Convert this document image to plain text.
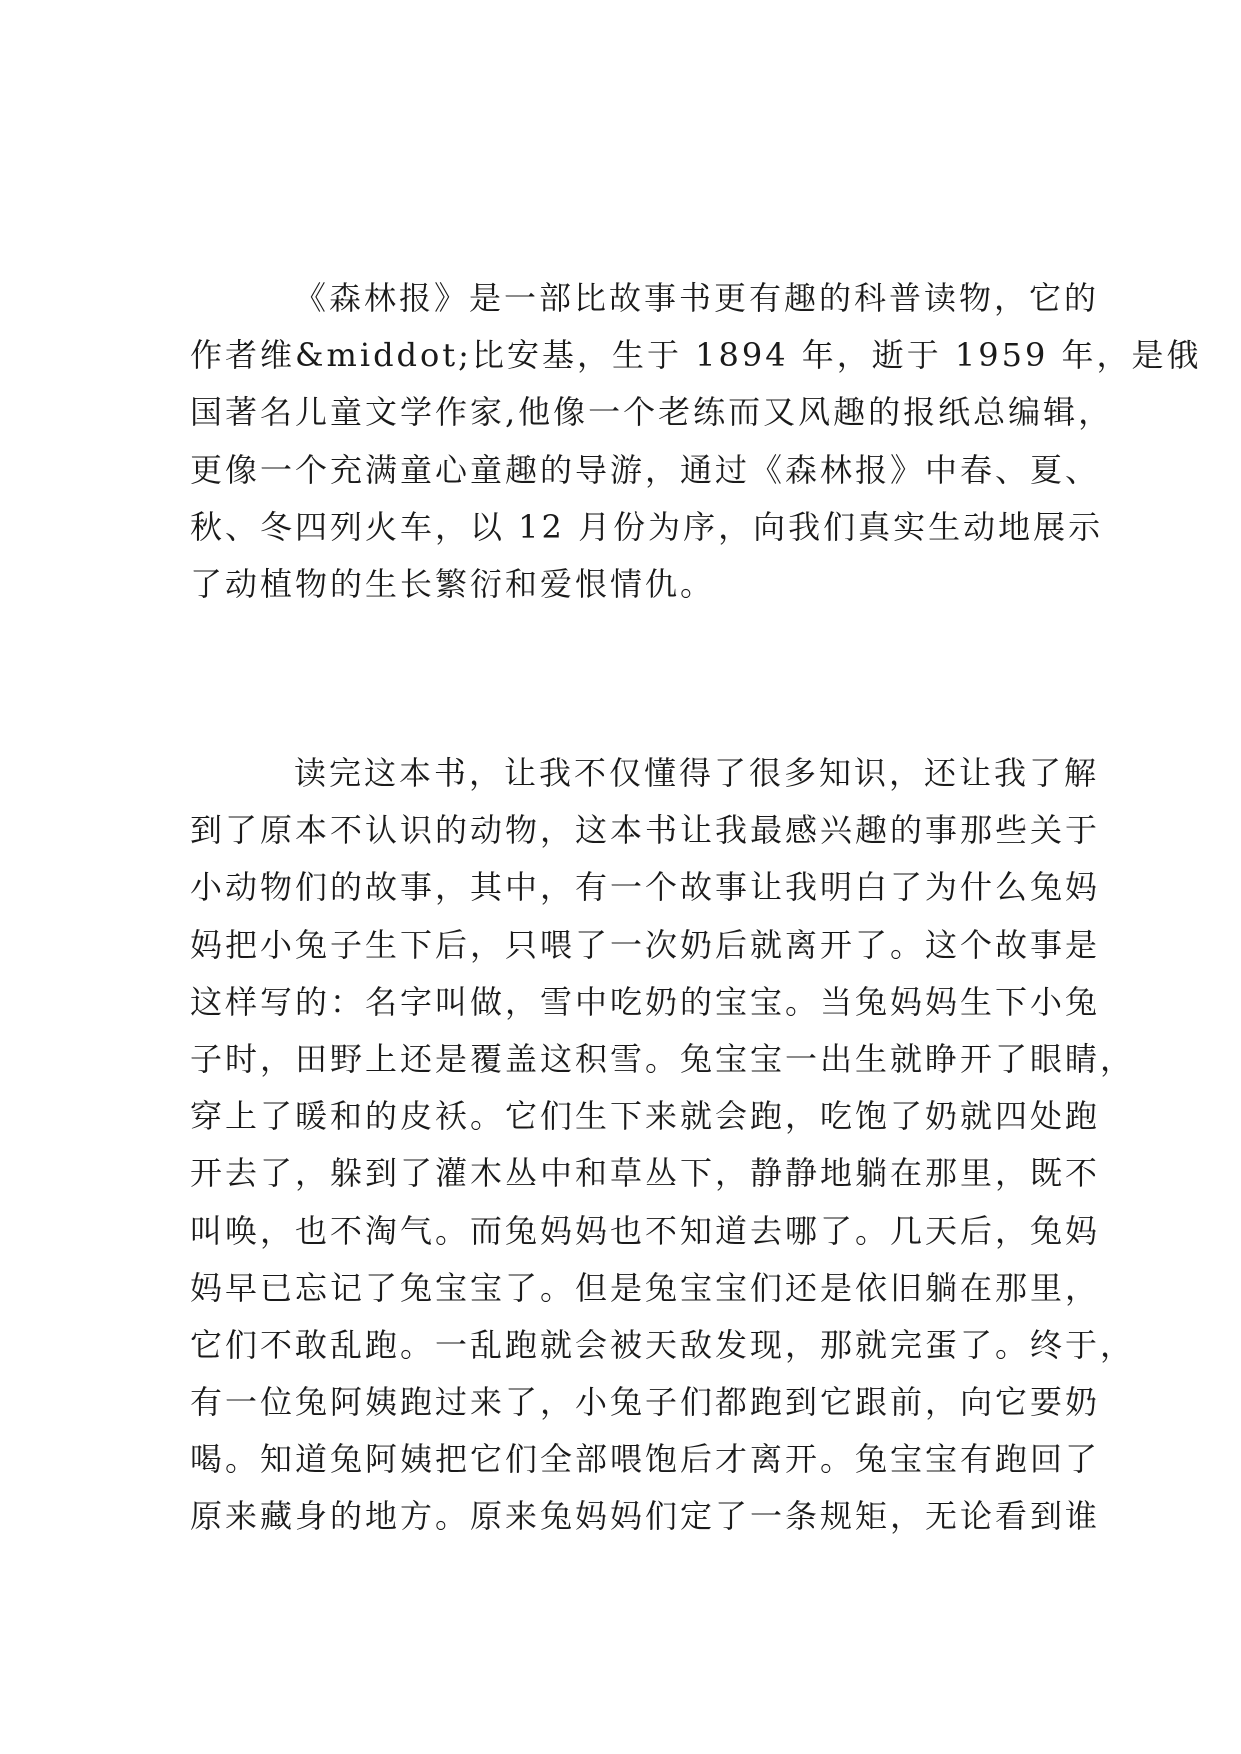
《森林报》是一部比故事书更有趣的科普读物，它的
作者维&middot;比安基，生于 1894 年，逝于 1959 年，是俄
国著名儿童文学作家,他像一个老练而又风趣的报纸总编辑，
更像一个充满童心童趣的导游，通过《森林报》中春、夏、
秋、冬四列火车，以 12 月份为序，向我们真实生动地展示
了动植物的生长繁衍和爱恨情仇。
读完这本书，让我不仅懂得了很多知识，还让我了解
到了原本不认识的动物，这本书让我最感兴趣的事那些关于
小动物们的故事，其中，有一个故事让我明白了为什么兔妈
妈把小兔子生下后，只喂了一次奶后就离开了。这个故事是
这样写的：名字叫做，雪中吃奶的宝宝。当兔妈妈生下小兔
子时，田野上还是覆盖这积雪。兔宝宝一出生就睁开了眼睛，
穿上了暖和的皮袄。它们生下来就会跑，吃饱了奶就四处跑
开去了，躲到了灌木丛中和草丛下，静静地躺在那里，既不
叫唤，也不淘气。而兔妈妈也不知道去哪了。几天后，兔妈
妈早已忘记了兔宝宝了。但是兔宝宝们还是依旧躺在那里，
它们不敢乱跑。一乱跑就会被天敌发现，那就完蛋了。终于，
有一位兔阿姨跑过来了，小兔子们都跑到它跟前，向它要奶
喝。知道兔阿姨把它们全部喂饱后才离开。兔宝宝有跑回了
原来藏身的地方。原来兔妈妈们定了一条规矩，无论看到谁
